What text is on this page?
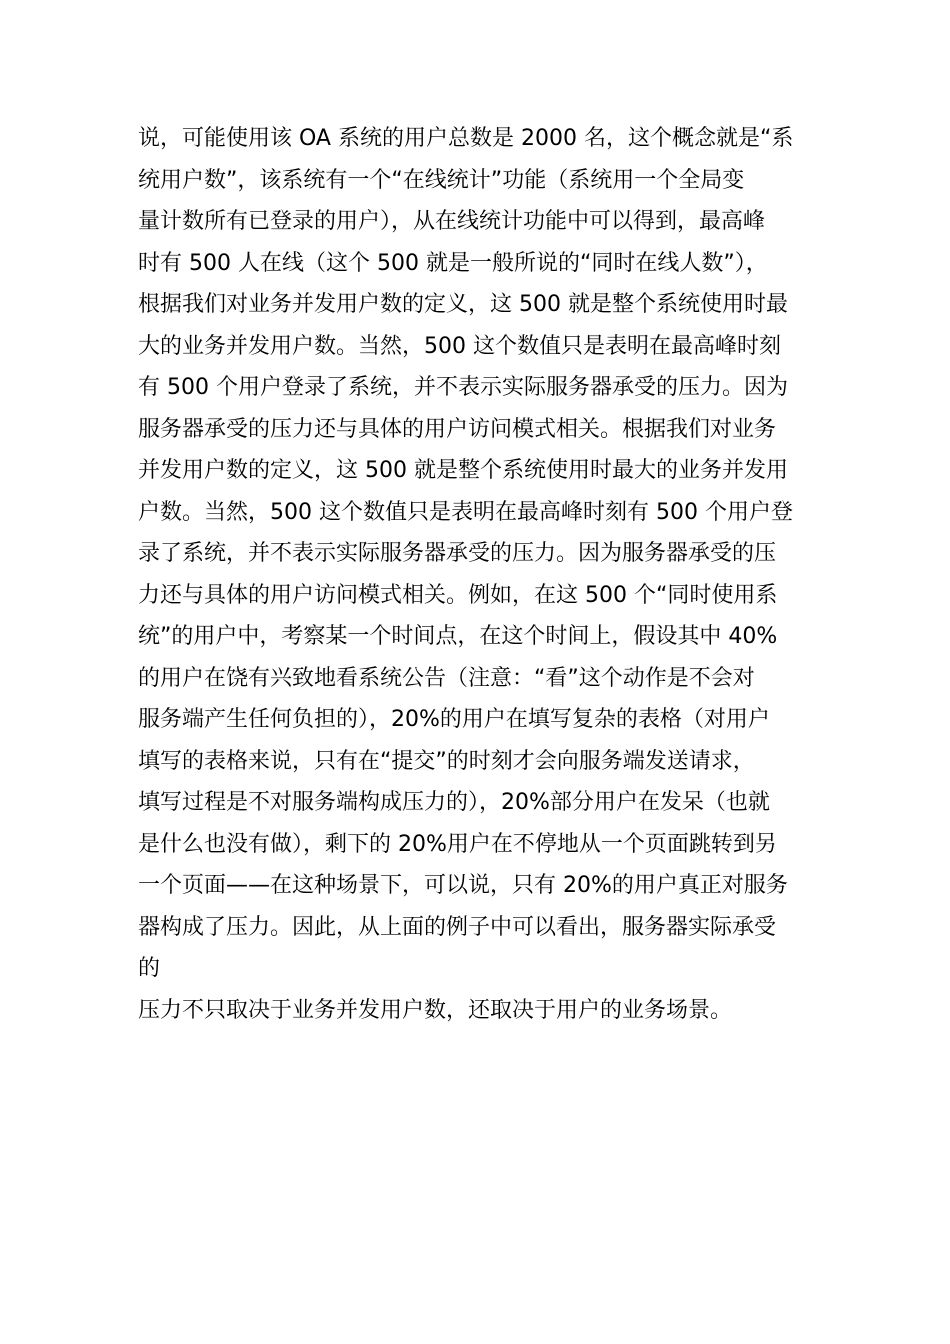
说，可能使用该 OA 系统的用户总数是 2000 名，这个概念就是“系
统用户数”，该系统有一个“在线统计”功能（系统用一个全局变
量计数所有已登录的用户），从在线统计功能中可以得到，最高峰
时有 500 人在线（这个 500 就是一般所说的“同时在线人数”），
根据我们对业务并发用户数的定义，这 500 就是整个系统使用时最
大的业务并发用户数。当然，500 这个数值只是表明在最高峰时刻
有 500 个用户登录了系统，并不表示实际服务器承受的压力。因为
服务器承受的压力还与具体的用户访问模式相关。根据我们对业务
并发用户数的定义，这 500 就是整个系统使用时最大的业务并发用
户数。当然，500 这个数值只是表明在最高峰时刻有 500 个用户登
录了系统，并不表示实际服务器承受的压力。因为服务器承受的压
力还与具体的用户访问模式相关。例如，在这 500 个“同时使用系
统”的用户中，考察某一个时间点，在这个时间上，假设其中 40%
的用户在饶有兴致地看系统公告（注意：“看”这个动作是不会对
服务端产生任何负担的），20%的用户在填写复杂的表格（对用户
填写的表格来说，只有在“提交”的时刻才会向服务端发送请求，
填写过程是不对服务端构成压力的），20%部分用户在发呆（也就
是什么也没有做），剩下的 20%用户在不停地从一个页面跳转到另
一个页面——在这种场景下，可以说，只有 20%的用户真正对服务
器构成了压力。因此，从上面的例子中可以看出，服务器实际承受
的
压力不只取决于业务并发用户数，还取决于用户的业务场景。
